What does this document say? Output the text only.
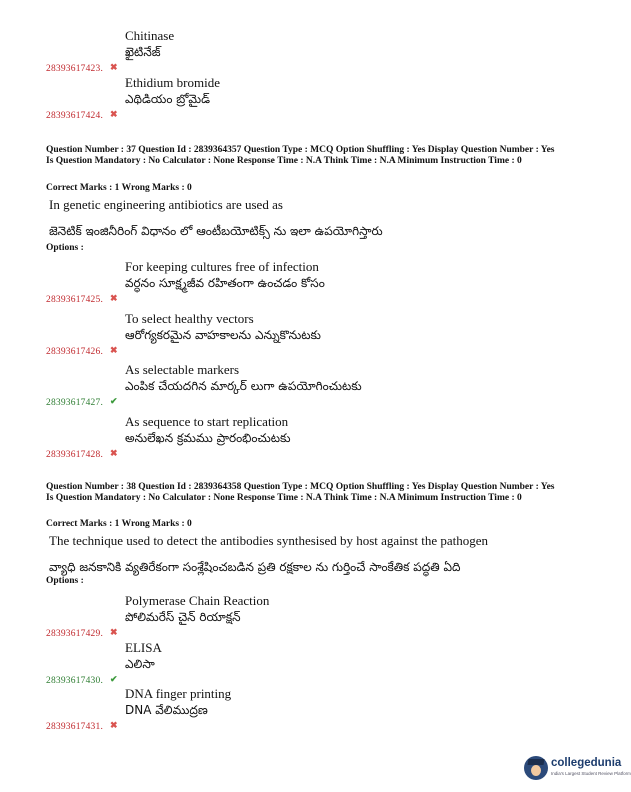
28393617423. ✖
Chitinase
ఖైటినేజ్
28393617424. ✖
Ethidium bromide
ఎథిడియం బ్రోమైడ్
Question Number : 37 Question Id : 2839364357 Question Type : MCQ Option Shuffling : Yes Display Question Number : Yes Is Question Mandatory : No Calculator : None Response Time : N.A Think Time : N.A Minimum Instruction Time : 0
Correct Marks : 1 Wrong Marks : 0
In genetic engineering antibiotics are used as
జెనెటిక్ ఇంజినీరింగ్ విధానం లో ఆంటీబయోటిక్స్ ను ఇలా ఉపయోగిస్తారు
Options :
28393617425. ✖
For keeping cultures free of infection
వర్ధనం సూక్ష్మజీవ రహితంగా ఉంచడం కోసం
28393617426. ✖
To select healthy vectors
ఆరోగ్యకరమైన వాహకాలను ఎన్నుకొనుటకు
28393617427. ✔
As selectable markers
ఎంపిక చేయదగిన మార్కర్ లుగా ఉపయోగించుటకు
28393617428. ✖
As sequence to start replication
అనులేఖన క్రమము ప్రారంభించుటకు
Question Number : 38 Question Id : 2839364358 Question Type : MCQ Option Shuffling : Yes Display Question Number : Yes Is Question Mandatory : No Calculator : None Response Time : N.A Think Time : N.A Minimum Instruction Time : 0
Correct Marks : 1 Wrong Marks : 0
The technique used to detect the antibodies synthesised by host against the pathogen
వ్యాధి జనకానికి వ్యతిరేకంగా సంశ్లేషించబడిన ప్రతి రక్షకాల ను గుర్తించే సాంకేతిక పద్ధతి ఏది
Options :
28393617429. ✖
Polymerase Chain Reaction
పోలిమరేస్ చైన్ రియాక్షన్
28393617430. ✔
ELISA
ఎలిసా
28393617431. ✖
DNA finger printing
DNA వేలిముద్రణ
collegedunia
India's Largest Student Review Platform
